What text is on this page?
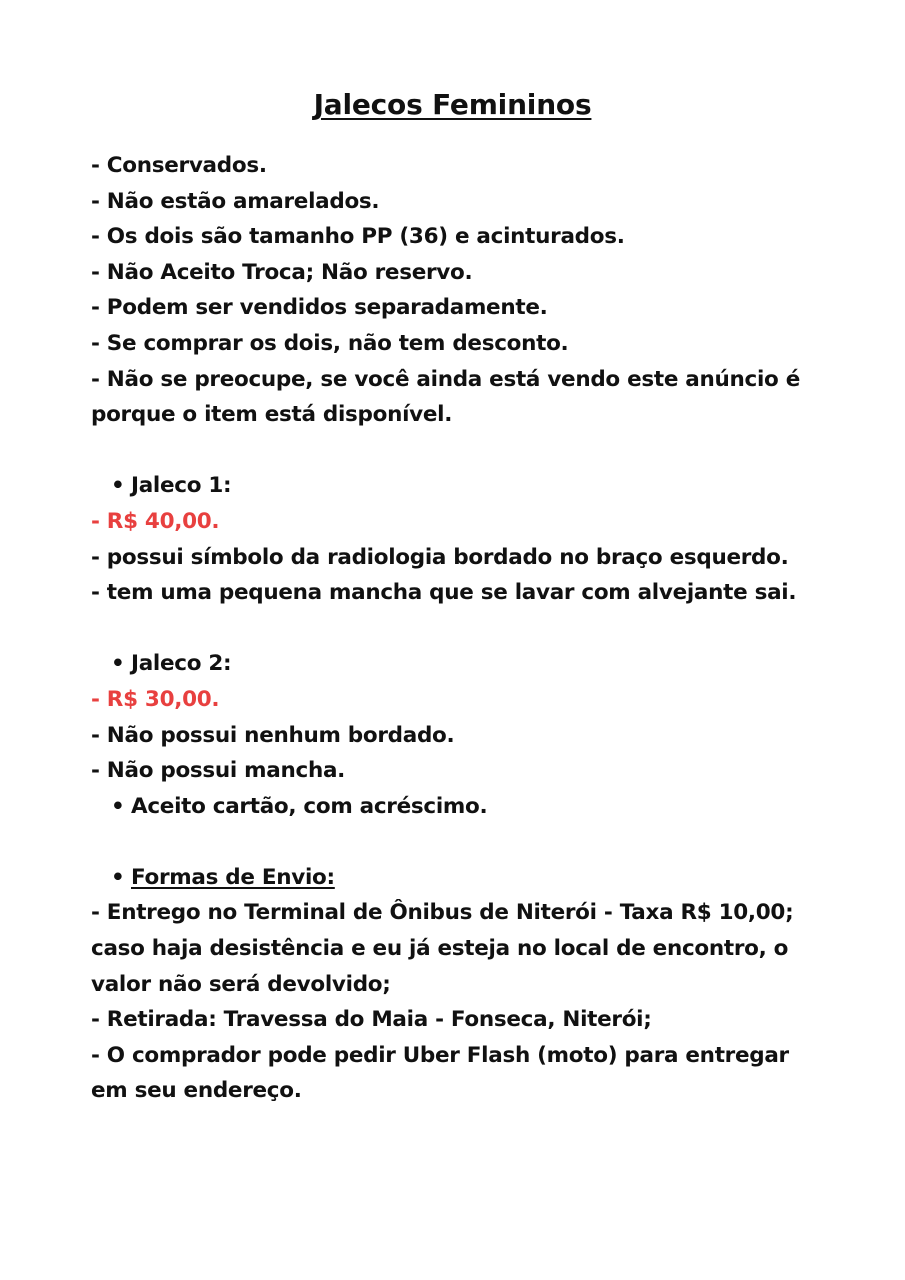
Jalecos Femininos
- Conservados.
- Não estão amarelados.
- Os dois são tamanho PP (36) e acinturados.
- Não Aceito Troca; Não reservo.
- Podem ser vendidos separadamente.
- Se comprar os dois, não tem desconto.
- Não se preocupe, se você ainda está vendo este anúncio é porque o item está disponível.
• Jaleco 1:
- R$ 40,00.
- possui símbolo da radiologia bordado no braço esquerdo.
- tem uma pequena mancha que se lavar com alvejante sai.
• Jaleco 2:
- R$ 30,00.
- Não possui nenhum bordado.
- Não possui mancha.
• Aceito cartão, com acréscimo.
• Formas de Envio:
- Entrego no Terminal de Ônibus de Niterói - Taxa R$ 10,00; caso haja desistência e eu já esteja no local de encontro, o valor não será devolvido;
- Retirada: Travessa do Maia - Fonseca, Niterói;
- O comprador pode pedir Uber Flash (moto) para entregar em seu endereço.
